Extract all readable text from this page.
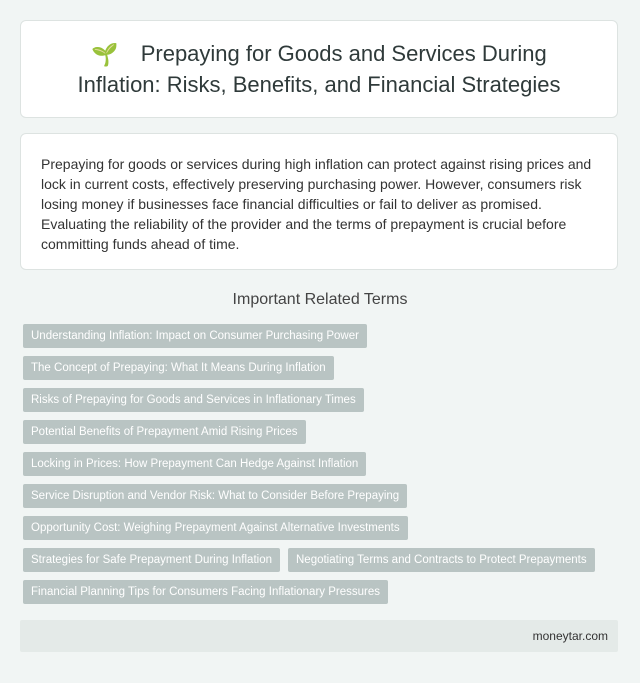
🌱 Prepaying for Goods and Services During
Inflation: Risks, Benefits, and Financial Strategies

Prepaying for goods or services during high inflation can protect against rising prices and lock in current costs, effectively preserving purchasing power. However, consumers risk losing money if businesses face financial difficulties or fail to deliver as promised. Evaluating the reliability of the provider and the terms of prepayment is crucial before committing funds ahead of time.

Important Related Terms
Understanding Inflation: Impact on Consumer Purchasing Power
The Concept of Prepaying: What It Means During Inflation
Risks of Prepaying for Goods and Services in Inflationary Times
Potential Benefits of Prepayment Amid Rising Prices
Locking in Prices: How Prepayment Can Hedge Against Inflation
Service Disruption and Vendor Risk: What to Consider Before Prepaying
Opportunity Cost: Weighing Prepayment Against Alternative Investments
Strategies for Safe Prepayment During Inflation	Negotiating Terms and Contracts to Protect Prepayments
Financial Planning Tips for Consumers Facing Inflationary Pressures
moneytar.com
